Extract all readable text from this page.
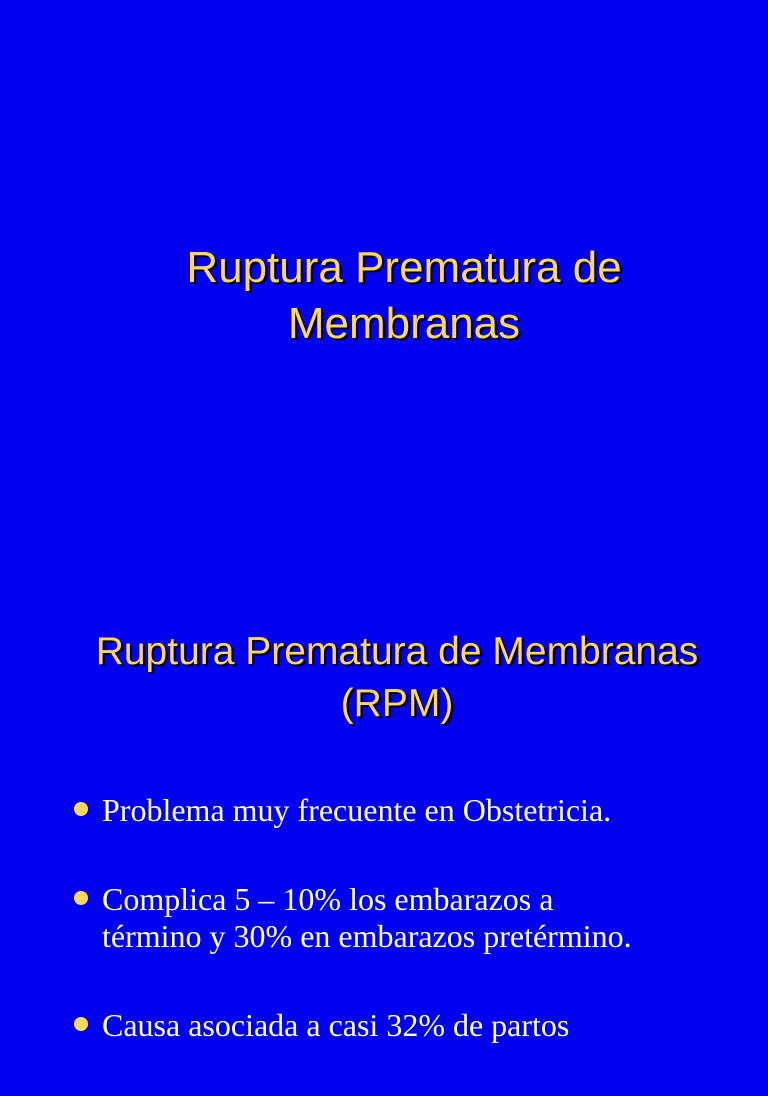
Ruptura Prematura de
Membranas
Ruptura Prematura de Membranas
(RPM)
Problema muy frecuente en Obstetricia.
Complica 5 – 10% los embarazos a
término y 30% en embarazos pretérmino.
Causa asociada a casi 32% de partos
